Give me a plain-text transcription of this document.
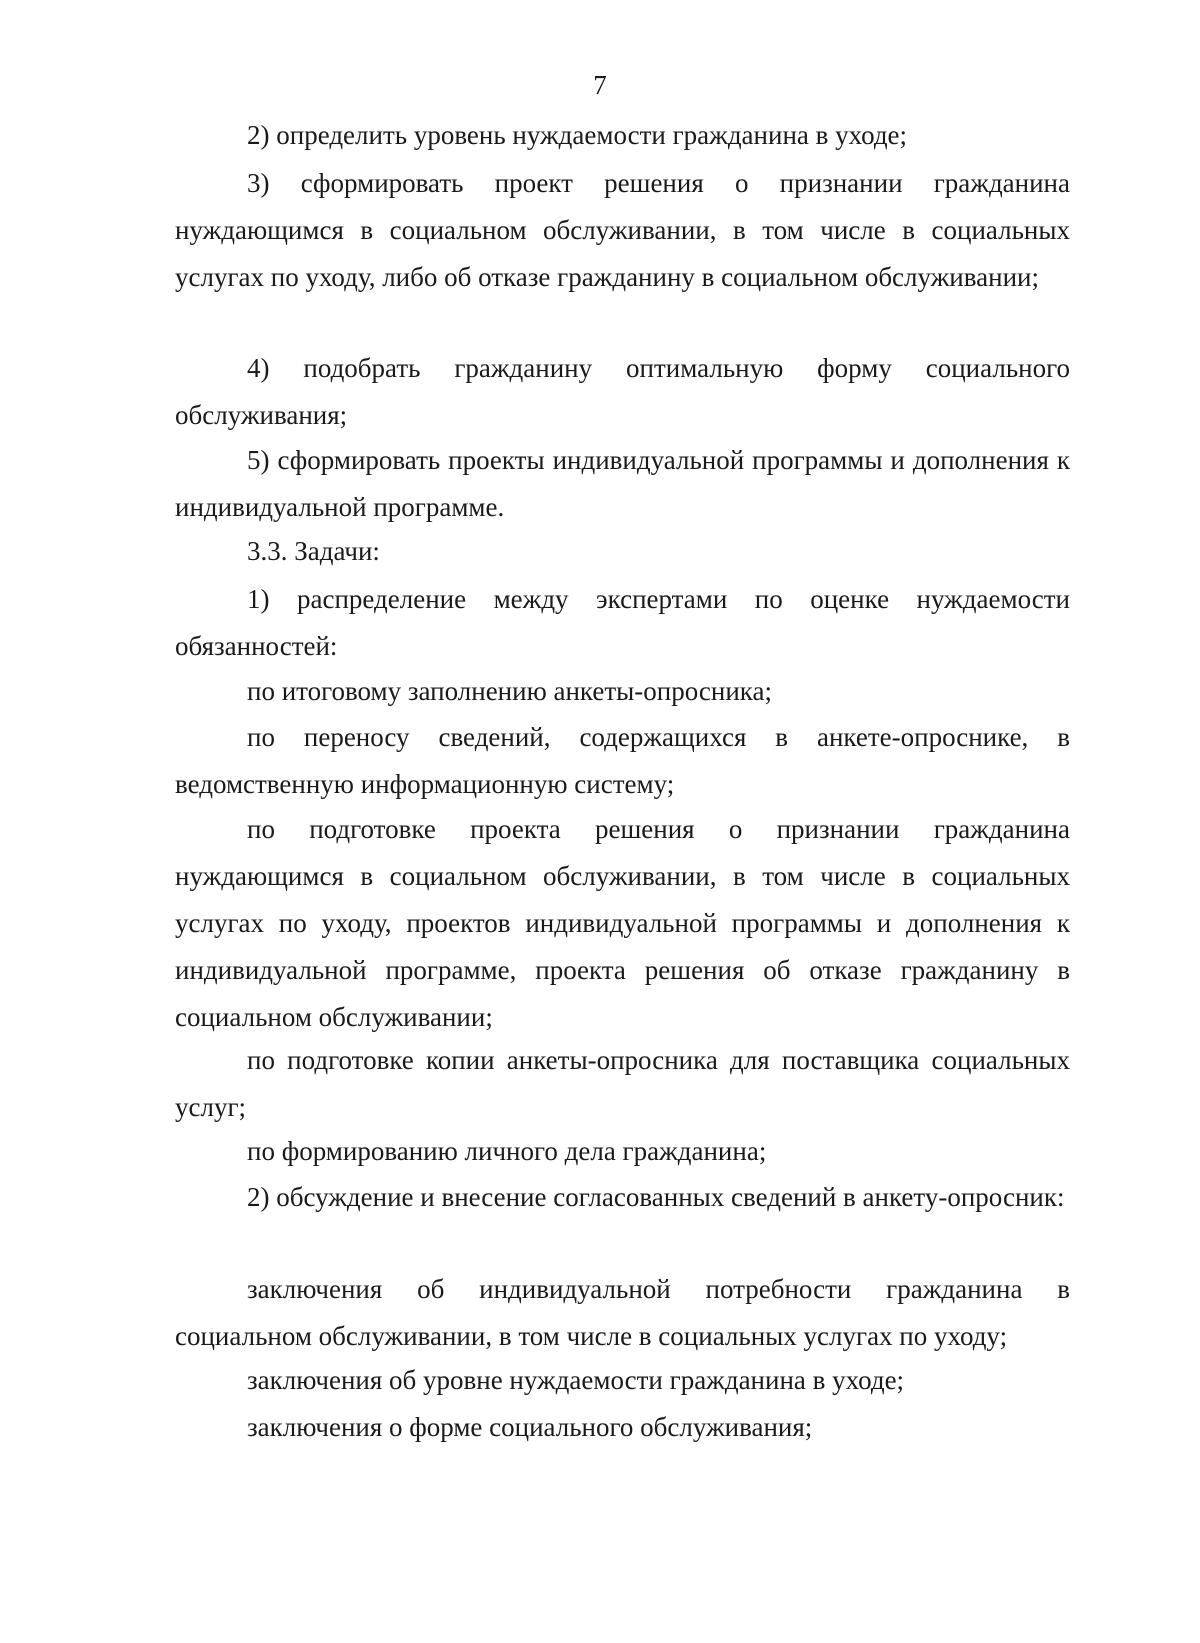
7

2) определить уровень нуждаемости гражданина в уходе;

3) сформировать проект решения о признании гражданина нуждающимся в социальном обслуживании, в том числе в социальных услугах по уходу, либо об отказе гражданину в социальном обслуживании;

4) подобрать гражданину оптимальную форму социального обслуживания;

5) сформировать проекты индивидуальной программы и дополнения к индивидуальной программе.

3.3. Задачи:

1) распределение между экспертами по оценке нуждаемости обязанностей:

по итоговому заполнению анкеты-опросника;

по переносу сведений, содержащихся в анкете-опроснике, в ведомственную информационную систему;

по подготовке проекта решения о признании гражданина нуждающимся в социальном обслуживании, в том числе в социальных услугах по уходу, проектов индивидуальной программы и дополнения к индивидуальной программе, проекта решения об отказе гражданину в социальном обслуживании;

по подготовке копии анкеты-опросника для поставщика социальных услуг;

по формированию личного дела гражданина;

2) обсуждение и внесение согласованных сведений в анкету-опросник:

заключения об индивидуальной потребности гражданина в социальном обслуживании, в том числе в социальных услугах по уходу;

заключения об уровне нуждаемости гражданина в уходе;

заключения о форме социального обслуживания;
